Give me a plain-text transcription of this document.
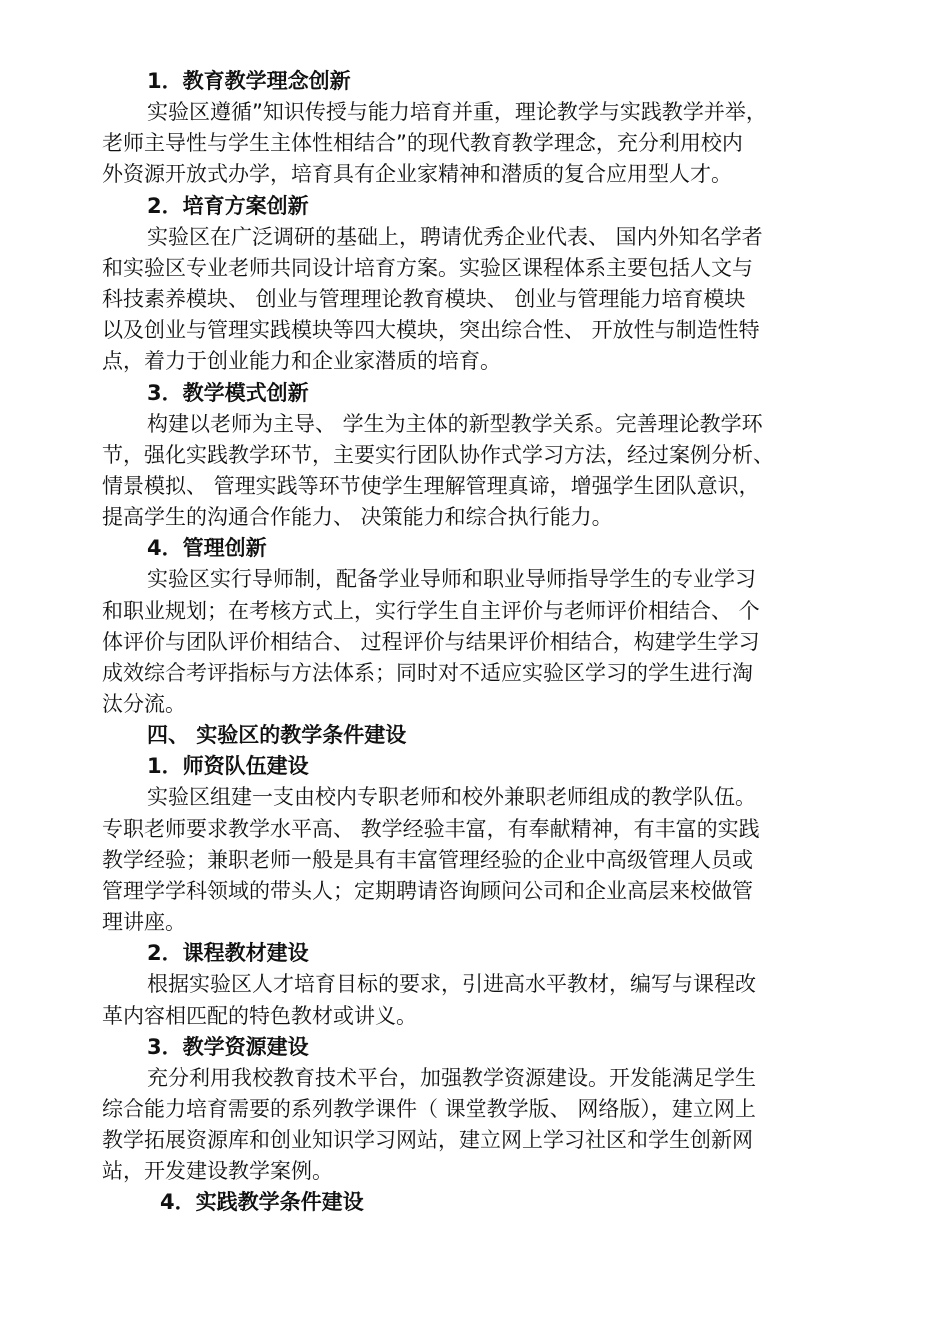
1．教育教学理念创新
实验区遵循”知识传授与能力培育并重，理论教学与实践教学并举，
老师主导性与学生主体性相结合”的现代教育教学理念，充分利用校内
外资源开放式办学，培育具有企业家精神和潜质的复合应用型人才。
2．培育方案创新
实验区在广泛调研的基础上，聘请优秀企业代表、 国内外知名学者
和实验区专业老师共同设计培育方案。实验区课程体系主要包括人文与
科技素养模块、 创业与管理理论教育模块、 创业与管理能力培育模块
以及创业与管理实践模块等四大模块，突出综合性、 开放性与制造性特
点，着力于创业能力和企业家潜质的培育。
3．教学模式创新
构建以老师为主导、 学生为主体的新型教学关系。完善理论教学环
节，强化实践教学环节，主要实行团队协作式学习方法，经过案例分析、
情景模拟、 管理实践等环节使学生理解管理真谛，增强学生团队意识，
提高学生的沟通合作能力、 决策能力和综合执行能力。
4．管理创新
实验区实行导师制，配备学业导师和职业导师指导学生的专业学习
和职业规划；在考核方式上，实行学生自主评价与老师评价相结合、 个
体评价与团队评价相结合、 过程评价与结果评价相结合，构建学生学习
成效综合考评指标与方法体系；同时对不适应实验区学习的学生进行淘
汰分流。
四、 实验区的教学条件建设
1．师资队伍建设
实验区组建一支由校内专职老师和校外兼职老师组成的教学队伍。
专职老师要求教学水平高、 教学经验丰富，有奉献精神，有丰富的实践
教学经验；兼职老师一般是具有丰富管理经验的企业中高级管理人员或
管理学学科领域的带头人；定期聘请咨询顾问公司和企业高层来校做管
理讲座。
2．课程教材建设
根据实验区人才培育目标的要求，引进高水平教材，编写与课程改
革内容相匹配的特色教材或讲义。
3．教学资源建设
充分利用我校教育技术平台，加强教学资源建设。开发能满足学生
综合能力培育需要的系列教学课件（ 课堂教学版、 网络版），建立网上
教学拓展资源库和创业知识学习网站，建立网上学习社区和学生创新网
站，开发建设教学案例。
4．实践教学条件建设
